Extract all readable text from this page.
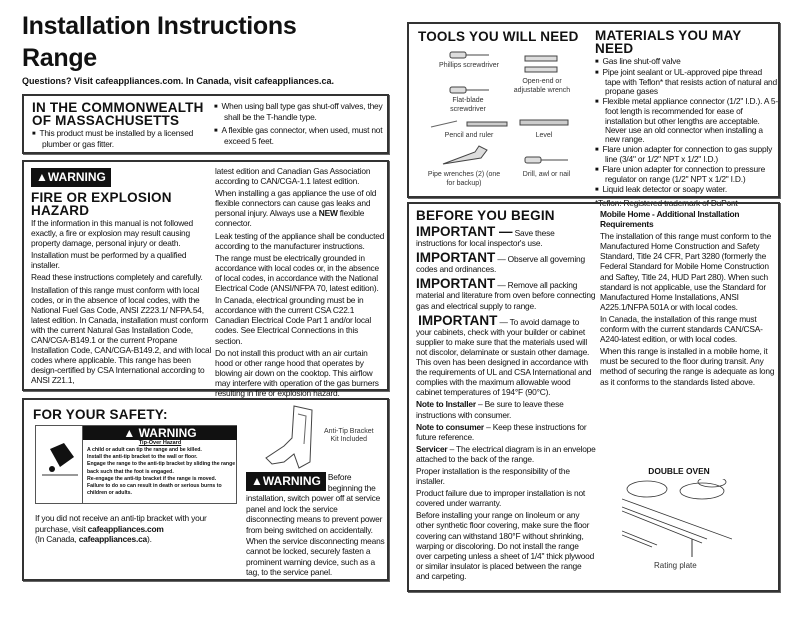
Installation Instructions
Range
Questions? Visit cafeappliances.com. In Canada, visit cafeappliances.ca.
IN THE COMMONWEALTH
OF MASSACHUSETTS
■ This product must be installed by a licensed plumber or gas fitter.
■ When using ball type gas shut-off valves, they shall be the T-handle type.
■ A flexible gas connector, when used, must not exceed 5 feet.
▲WARNING
FIRE OR EXPLOSION
HAZARD

If the information in this manual is not followed exactly, a fire or explosion may result causing property damage, personal injury or death.

Installation must be performed by a qualified installer.

Read these instructions completely and carefully.

Installation of this range must conform with local codes, or in the absence of local codes, with the National Fuel Gas Code, ANSI Z223.1/ NFPA.54, latest edition. In Canada, installation must conform with the current Natural Gas Installation Code, CAN/CGA-B149.1 or the current Propane Installation Code, CAN/CGA-B149.2, and with local codes where applicable. This range has been design-certified by CSA International according to ANSI Z21.1,

latest edition and Canadian Gas Association according to CAN/CGA-1.1 latest edition.

When installing a gas appliance the use of old flexible connectors can cause gas leaks and personal injury. Always use a NEW flexible connector.

Leak testing of the appliance shall be conducted according to the manufacturer instructions.

The range must be electrically grounded in accordance with local codes or, in the absence of local codes, in accordance with the National Electrical Code (ANSI/NFPA 70, latest edition).

In Canada, electrical grounding must be in accordance with the current CSA C22.1 Canadian Electrical Code Part 1 and/or local codes. See Electrical Connections in this section.

Do not install this product with an air curtain hood or other range hood that operates by blowing air down on the cooktop. This airflow may interfere with operation of the gas burners resulting in fire or explosion hazard.

FOR YOUR SAFETY:
▲ WARNING
Tip-Over Hazard
A child or adult can tip the range and be killed.
Install the anti-tip bracket to the wall or floor.
Engage the range to the anti-tip bracket by sliding the range back such that the foot is engaged.
Re-engage the anti-tip bracket if the range is moved.
Failure to do so can result in death or serious burns to children or adults.
If you did not receive an anti-tip bracket with your purchase, visit cafeappliances.com
(In Canada, cafeappliances.ca).
Anti-Tip Bracket
Kit Included
▲WARNING Before beginning the installation, switch power off at service panel and lock the service disconnecting means to prevent power from being switched on accidentally. When the service disconnecting means cannot be locked, securely fasten a prominent warning device, such as a tag, to the service panel.
TOOLS YOU WILL NEED
Phillips screwdriver
Open-end or adjustable wrench
Flat-blade screwdriver
Pencil and ruler	Level
Pipe wrenches (2) (one for backup)
Drill, awl or nail
MATERIALS YOU MAY NEED
■ Gas line shut-off valve
■ Pipe joint sealant or UL-approved pipe thread tape with Teflon* that resists action of natural and propane gases
■ Flexible metal appliance connector (1/2" I.D.). A 5-foot length is recommended for ease of installation but other lengths are acceptable. Never use an old connector when installing a new range.
■ Flare union adapter for connection to gas supply line (3/4" or 1/2" NPT x 1/2" I.D.)
■ Flare union adapter for connection to pressure regulator on range (1/2" NPT x 1/2" I.D.)
■ Liquid leak detector or soapy water.
*Teflon: Registered trademark of DuPont
BEFORE YOU BEGIN

IMPORTANT — Save these instructions for local inspector's use.

IMPORTANT — Observe all governing codes and ordinances.

IMPORTANT — Remove all packing material and literature from oven before connecting gas and electrical supply to range.

IMPORTANT — To avoid damage to your cabinets, check with your builder or cabinet supplier to make sure that the materials used will not discolor, delaminate or sustain other damage. This oven has been designed in accordance with the requirements of UL and CSA International and complies with the maximum allowable wood cabinet temperatures of 194°F (90°C).

Note to Installer – Be sure to leave these instructions with consumer.

Note to consumer – Keep these instructions for future reference.

Servicer – The electrical diagram is in an envelope attached to the back of the range.

Proper installation is the responsibility of the installer.

Product failure due to improper installation is not covered under warranty.

Before installing your range on linoleum or any other synthetic floor covering, make sure the floor covering can withstand 180°F without shrinking, warping or discoloring. Do not install the range over carpeting unless a sheet of 1/4" thick plywood or similar insulator is placed between the range and carpeting.

Mobile Home - Additional Installation Requirements

The installation of this range must conform to the Manufactured Home Construction and Safety Standard, Title 24 CFR, Part 3280 (formerly the Federal Standard for Mobile Home Construction and Saftey, Title 24, HUD Part 280). When such standard is not applicable, use the Standard for Manufactured Home Installations, ANSI A225.1/NFPA 501A or with local codes.

In Canada, the installation of this range must conform with the current standards CAN/CSA-A240-latest edition, or with local codes.

When this range is installed in a mobile home, it must be secured to the floor during transit. Any method of securing the range is adequate as long as it conforms to the standards listed above.

DOUBLE OVEN
Rating plate
